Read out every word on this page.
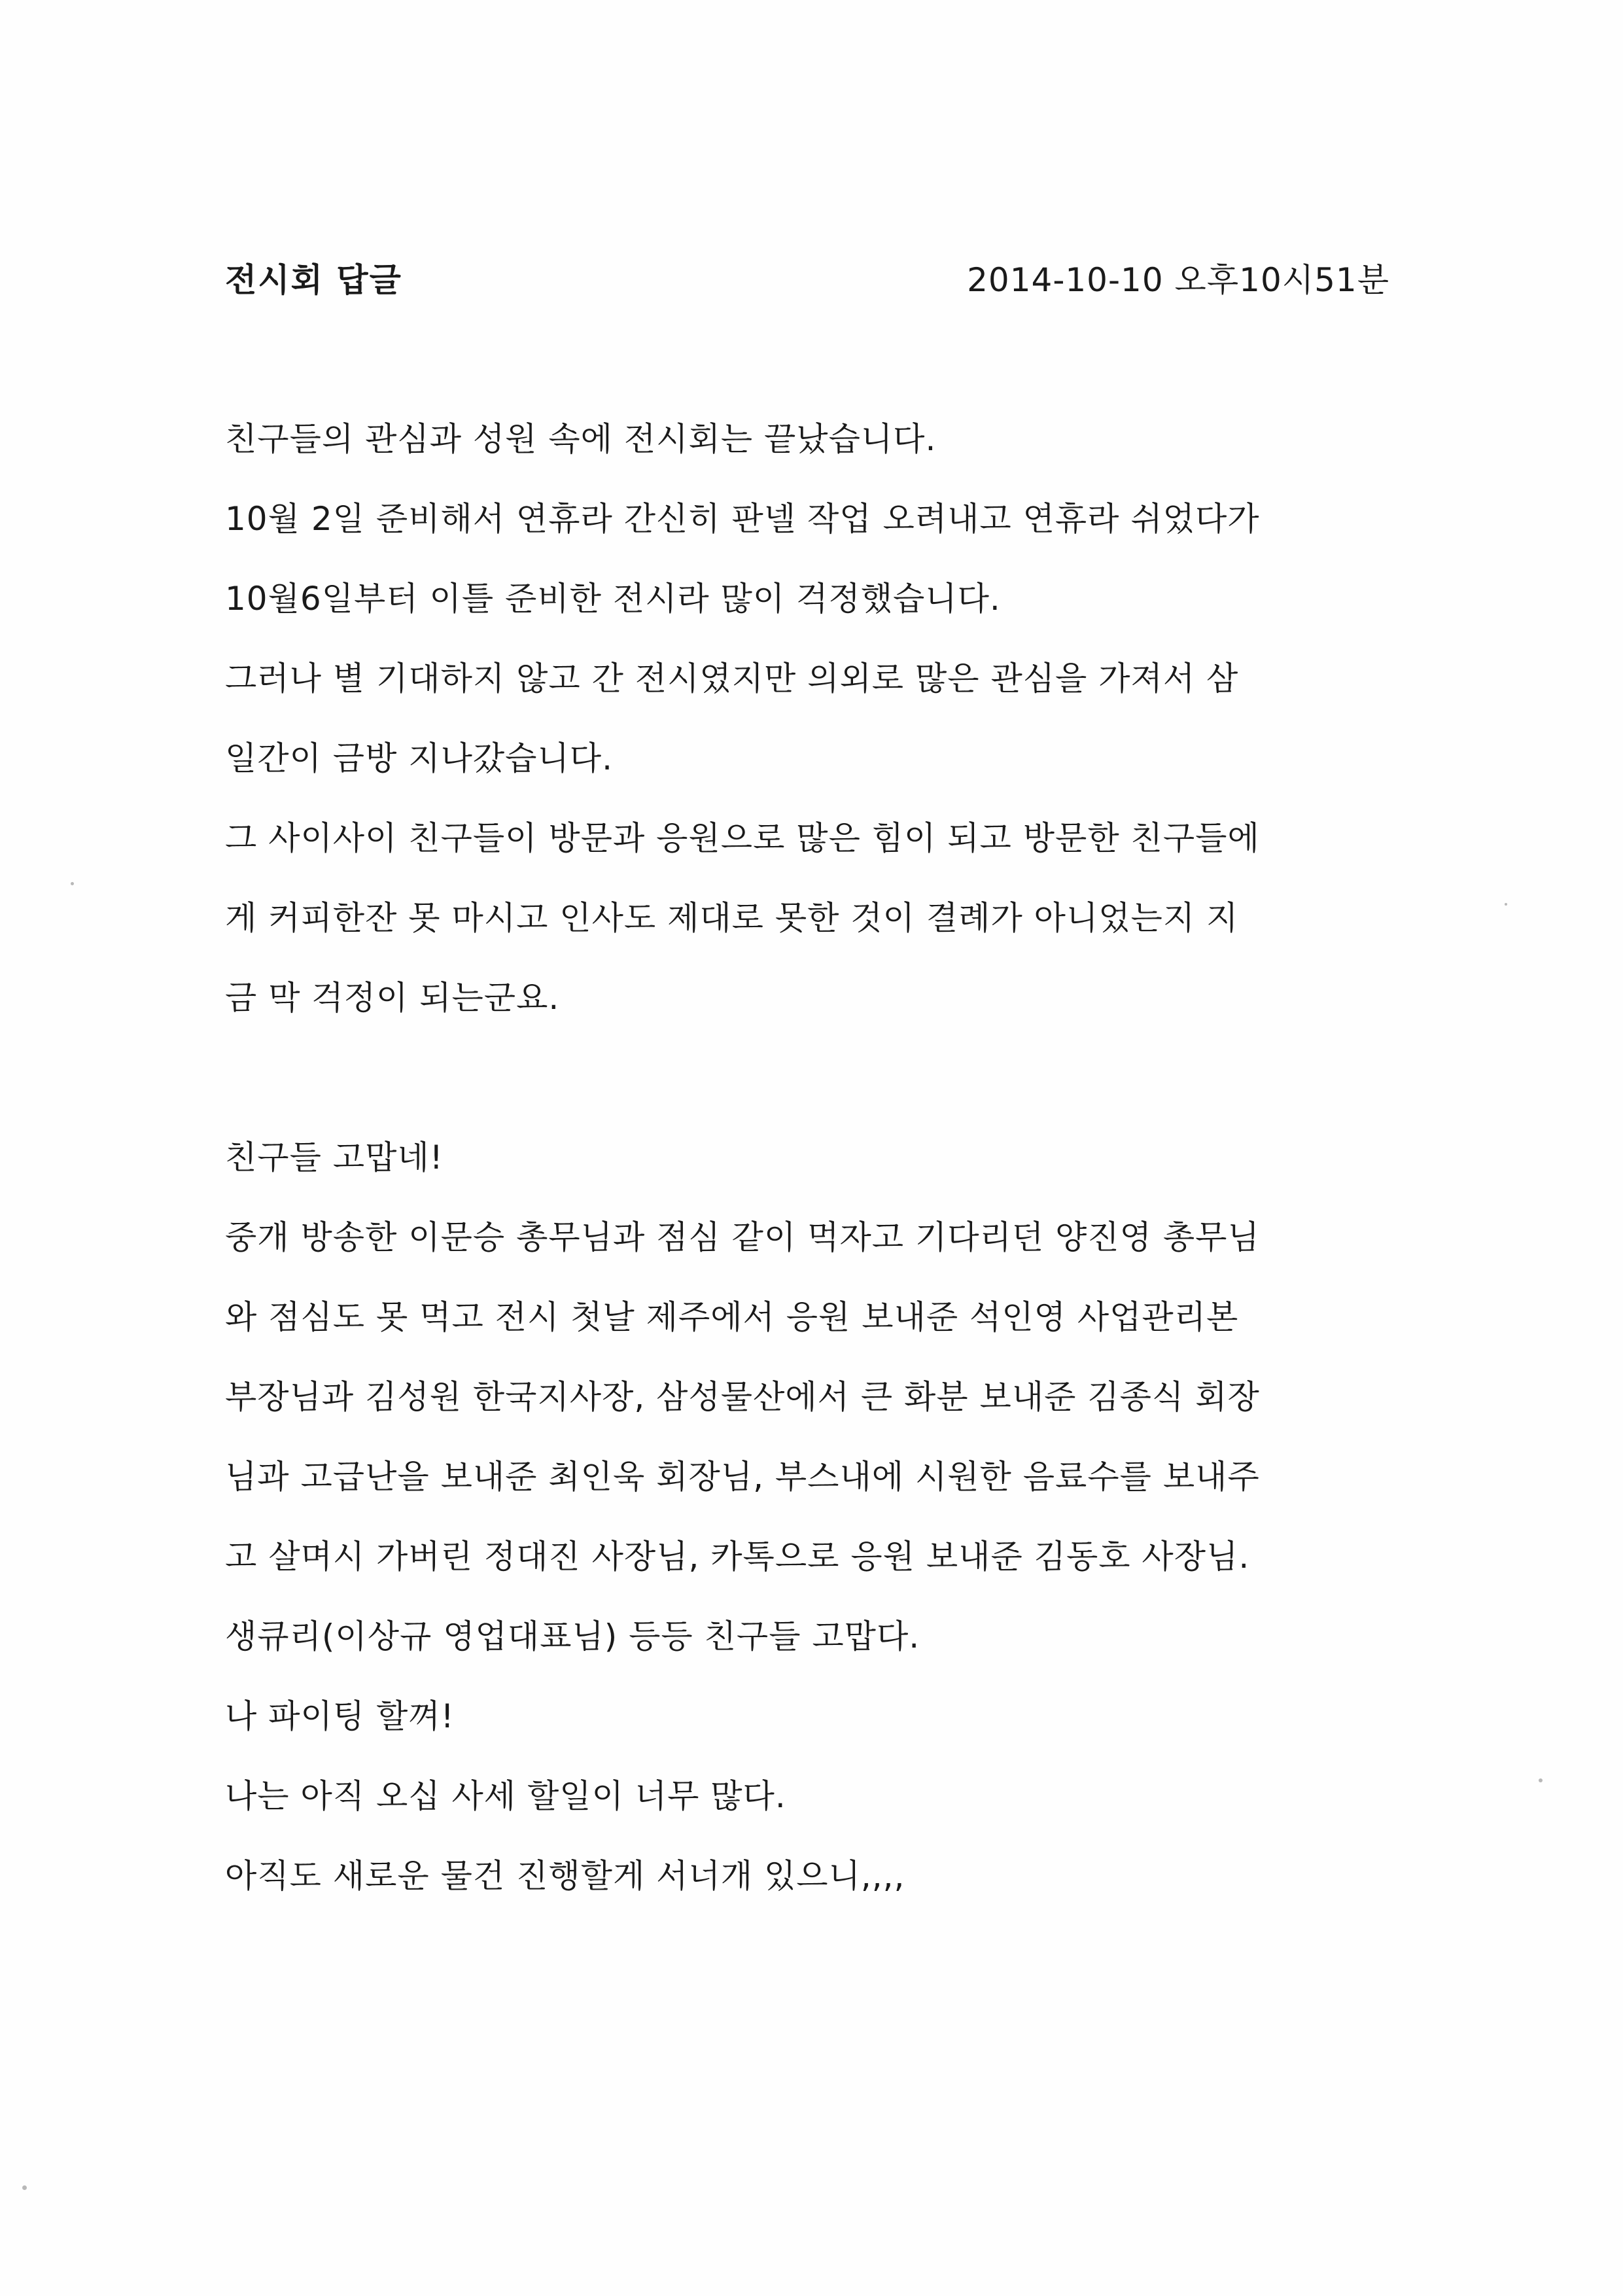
전시회 답글	2014-10-10 오후10시51분
친구들의 관심과 성원 속에 전시회는 끝났습니다.
10월 2일 준비해서 연휴라 간신히 판넬 작업 오려내고 연휴라 쉬었다가
10월6일부터 이틀 준비한 전시라 많이 걱정했습니다.
그러나 별 기대하지 않고 간 전시였지만 의외로 많은 관심을 가져서 삼
일간이 금방 지나갔습니다.
그 사이사이 친구들이 방문과 응원으로 많은 힘이 되고 방문한 친구들에
게 커피한잔 못 마시고 인사도 제대로 못한 것이 결례가 아니었는지 지
금 막 걱정이 되는군요.
친구들 고맙네!
중개 방송한 이문승 총무님과 점심 같이 먹자고 기다리던 양진영 총무님
와 점심도 못 먹고 전시 첫날 제주에서 응원 보내준 석인영 사업관리본
부장님과 김성원 한국지사장, 삼성물산에서 큰 화분 보내준 김종식 회장
님과 고급난을 보내준 최인욱 회장님, 부스내에 시원한 음료수를 보내주
고 살며시 가버린 정대진 사장님, 카톡으로 응원 보내준 김동호 사장님.
생큐리(이상규 영업대표님) 등등 친구들 고맙다.
나 파이팅 할껴!
나는 아직 오십 사세 할일이 너무 많다.
아직도 새로운 물건 진행할게 서너개 있으니,,,,
